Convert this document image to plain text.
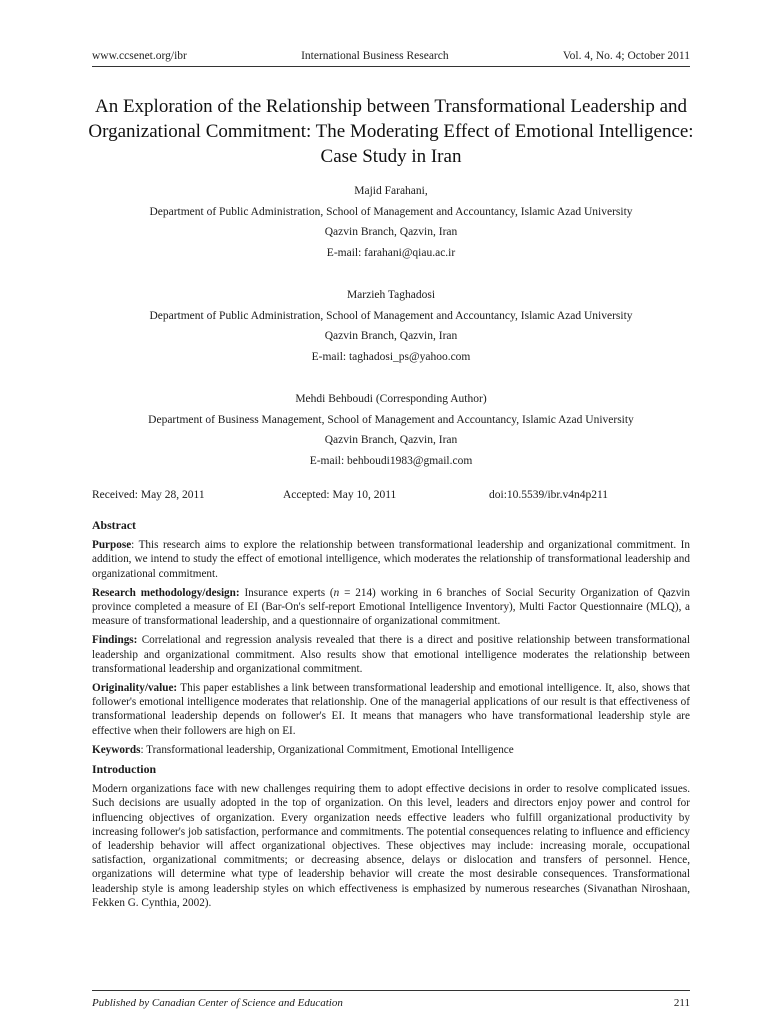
www.ccsenet.org/ibr	International Business Research	Vol. 4, No. 4; October 2011
An Exploration of the Relationship between Transformational Leadership and Organizational Commitment: The Moderating Effect of Emotional Intelligence: Case Study in Iran

Majid Farahani,

Department of Public Administration, School of Management and Accountancy, Islamic Azad University

Qazvin Branch, Qazvin, Iran

E-mail: farahani@qiau.ac.ir

Marzieh Taghadosi

Department of Public Administration, School of Management and Accountancy, Islamic Azad University

Qazvin Branch, Qazvin, Iran

E-mail: taghadosi_ps@yahoo.com

Mehdi Behboudi (Corresponding Author)

Department of Business Management, School of Management and Accountancy, Islamic Azad University

Qazvin Branch, Qazvin, Iran

E-mail: behboudi1983@gmail.com

Received: May 28, 2011	Accepted: May 10, 2011	doi:10.5539/ibr.v4n4p211
Abstract

Purpose: This research aims to explore the relationship between transformational leadership and organizational commitment. In addition, we intend to study the effect of emotional intelligence, which moderates the relationship of transformational leadership and organizational commitment.

Research methodology/design: Insurance experts (n = 214) working in 6 branches of Social Security Organization of Qazvin province completed a measure of EI (Bar-On's self-report Emotional Intelligence Inventory), Multi Factor Questionnaire (MLQ), a measure of transformational leadership, and a questionnaire of organizational commitment.

Findings: Correlational and regression analysis revealed that there is a direct and positive relationship between transformational leadership and organizational commitment. Also results show that emotional intelligence moderates the relationship between transformational leadership and organizational commitment.

Originality/value: This paper establishes a link between transformational leadership and emotional intelligence. It, also, shows that follower's emotional intelligence moderates that relationship. One of the managerial applications of our result is that effectiveness of transformational leadership depends on follower's EI. It means that managers who have transformational leadership style are effective when their followers are high on EI.

Keywords: Transformational leadership, Organizational Commitment, Emotional Intelligence

Introduction

Modern organizations face with new challenges requiring them to adopt effective decisions in order to resolve complicated issues. Such decisions are usually adopted in the top of organization. On this level, leaders and directors enjoy power and control for influencing objectives of organization. Every organization needs effective leaders who fulfill organizational productivity by increasing follower's job satisfaction, performance and commitments. The potential consequences relating to influence and efficiency of leadership behavior will affect organizational objectives. These objectives may include: increasing morale, occupational satisfaction, organizational commitments; or decreasing absence, delays or dislocation and transfers of personnel. Hence, organizations will determine what type of leadership behavior will create the most desirable consequences. Transformational leadership style is among leadership styles on which effectiveness is emphasized by numerous researches (Sivanathan Niroshaan, Fekken G. Cynthia, 2002).

Published by Canadian Center of Science and Education	211
